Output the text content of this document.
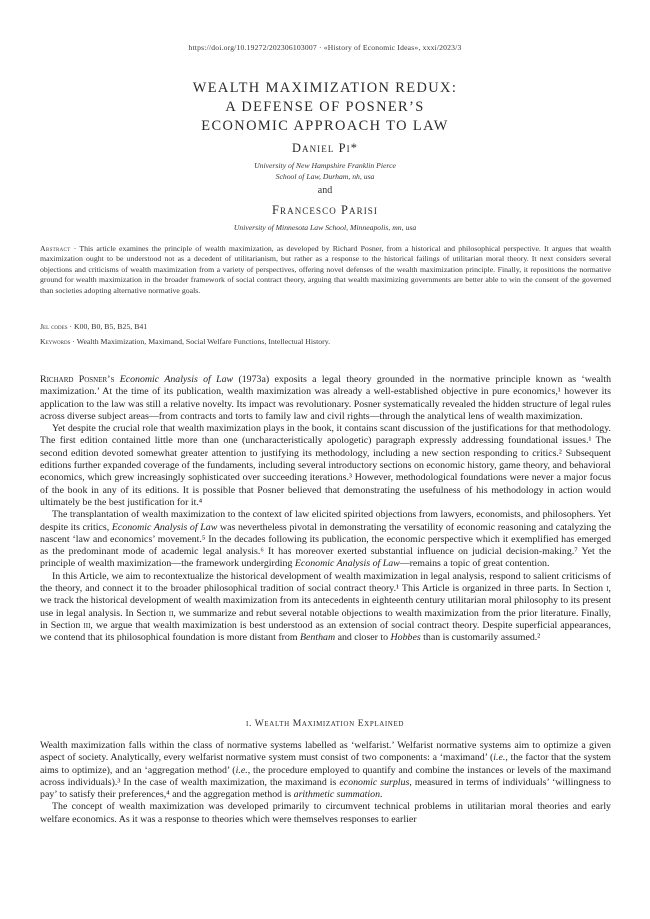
https://doi.org/10.19272/202306103007 · «History of Economic Ideas», xxxi/2023/3
WEALTH MAXIMIZATION REDUX:
A DEFENSE OF POSNER’S
ECONOMIC APPROACH TO LAW
Daniel Pi*
University of New Hampshire Franklin Pierce
School of Law, Durham, nh, usa
and
Francesco Parisi
University of Minnesota Law School, Minneapolis, mn, usa
Abstract · This article examines the principle of wealth maximization, as developed by Richard Posner, from a historical and philosophical perspective. It argues that wealth maximization ought to be understood not as a decedent of utilitarianism, but rather as a response to the historical failings of utilitarian moral theory. It next considers several objections and criticisms of wealth maximization from a variety of perspectives, offering novel defenses of the wealth maximization principle. Finally, it repositions the normative ground for wealth maximization in the broader framework of social contract theory, arguing that wealth maximizing governments are better able to win the consent of the governed than societies adopting alternative normative goals.
Jel codes · K00, B0, B5, B25, B41
Keywords · Wealth Maximization, Maximand, Social Welfare Functions, Intellectual History.

Richard Posner’s Economic Analysis of Law (1973a) exposits a legal theory grounded in the normative principle known as ‘wealth maximization.’ At the time of its publication, wealth maximization was already a well-established objective in pure economics,¹ however its application to the law was still a relative novelty. Its impact was revolutionary. Posner systematically revealed the hidden structure of legal rules across diverse subject areas—from contracts and torts to family law and civil rights—through the analytical lens of wealth maximization.

Yet despite the crucial role that wealth maximization plays in the book, it contains scant discussion of the justifications for that methodology. The first edition contained little more than one (uncharacteristically apologetic) paragraph expressly addressing foundational issues.¹ The second edition devoted somewhat greater attention to justifying its methodology, including a new section responding to critics.² Subsequent editions further expanded coverage of the fundaments, including several introductory sections on economic history, game theory, and behavioral economics, which grew increasingly sophisticated over succeeding iterations.³ However, methodological foundations were never a major focus of the book in any of its editions. It is possible that Posner believed that demonstrating the usefulness of his methodology in action would ultimately be the best justification for it.⁴

The transplantation of wealth maximization to the context of law elicited spirited objections from lawyers, economists, and philosophers. Yet despite its critics, Economic Analysis of Law was nevertheless pivotal in demonstrating the versatility of economic reasoning and catalyzing the nascent ‘law and economics’ movement.⁵ In the decades following its publication, the economic perspective which it exemplified has emerged as the predominant mode of academic legal analysis.⁶ It has moreover exerted substantial influence on judicial decision-making.⁷ Yet the principle of wealth maximization—the framework undergirding Economic Analysis of Law—remains a topic of great contention.

In this Article, we aim to recontextualize the historical development of wealth maximization in legal analysis, respond to salient criticisms of the theory, and connect it to the broader philosophical tradition of social contract theory.¹ This Article is organized in three parts. In Section i, we track the historical development of wealth maximization from its antecedents in eighteenth century utilitarian moral philosophy to its present use in legal analysis. In Section ii, we summarize and rebut several notable objections to wealth maximization from the prior literature. Finally, in Section iii, we argue that wealth maximization is best understood as an extension of social contract theory. Despite superficial appearances, we contend that its philosophical foundation is more distant from Bentham and closer to Hobbes than is customarily assumed.²

i. Wealth Maximization Explained

Wealth maximization falls within the class of normative systems labelled as ‘welfarist.’ Welfarist normative systems aim to optimize a given aspect of society. Analytically, every welfarist normative system must consist of two components: a ‘maximand’ (i.e., the factor that the system aims to optimize), and an ‘aggregation method’ (i.e., the procedure employed to quantify and combine the instances or levels of the maximand across individuals).³ In the case of wealth maximization, the maximand is economic surplus, measured in terms of individuals’ ‘willingness to pay’ to satisfy their preferences,⁴ and the aggregation method is arithmetic summation.

The concept of wealth maximization was developed primarily to circumvent technical problems in utilitarian moral theories and early welfare economics. As it was a response to theories which were themselves responses to earlier
